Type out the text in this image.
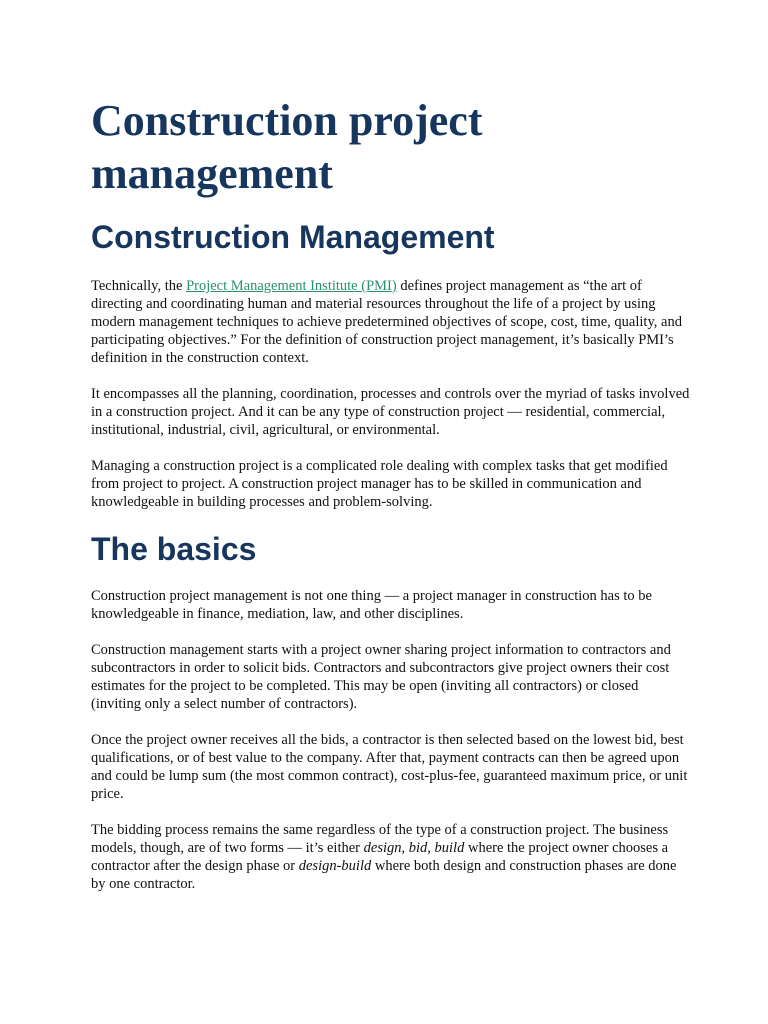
Construction project management
Construction Management

Technically, the Project Management Institute (PMI) defines project management as “the art of directing and coordinating human and material resources throughout the life of a project by using modern management techniques to achieve predetermined objectives of scope, cost, time, quality, and participating objectives.” For the definition of construction project management, it’s basically PMI’s definition in the construction context.

It encompasses all the planning, coordination, processes and controls over the myriad of tasks involved in a construction project. And it can be any type of construction project — residential, commercial, institutional, industrial, civil, agricultural, or environmental.

Managing a construction project is a complicated role dealing with complex tasks that get modified from project to project. A construction project manager has to be skilled in communication and knowledgeable in building processes and problem-solving.

The basics

Construction project management is not one thing — a project manager in construction has to be knowledgeable in finance, mediation, law, and other disciplines.

Construction management starts with a project owner sharing project information to contractors and subcontractors in order to solicit bids. Contractors and subcontractors give project owners their cost estimates for the project to be completed. This may be open (inviting all contractors) or closed (inviting only a select number of contractors).

Once the project owner receives all the bids, a contractor is then selected based on the lowest bid, best qualifications, or of best value to the company. After that, payment contracts can then be agreed upon and could be lump sum (the most common contract), cost-plus-fee, guaranteed maximum price, or unit price.

The bidding process remains the same regardless of the type of a construction project. The business models, though, are of two forms — it’s either design, bid, build where the project owner chooses a contractor after the design phase or design-build where both design and construction phases are done by one contractor.
